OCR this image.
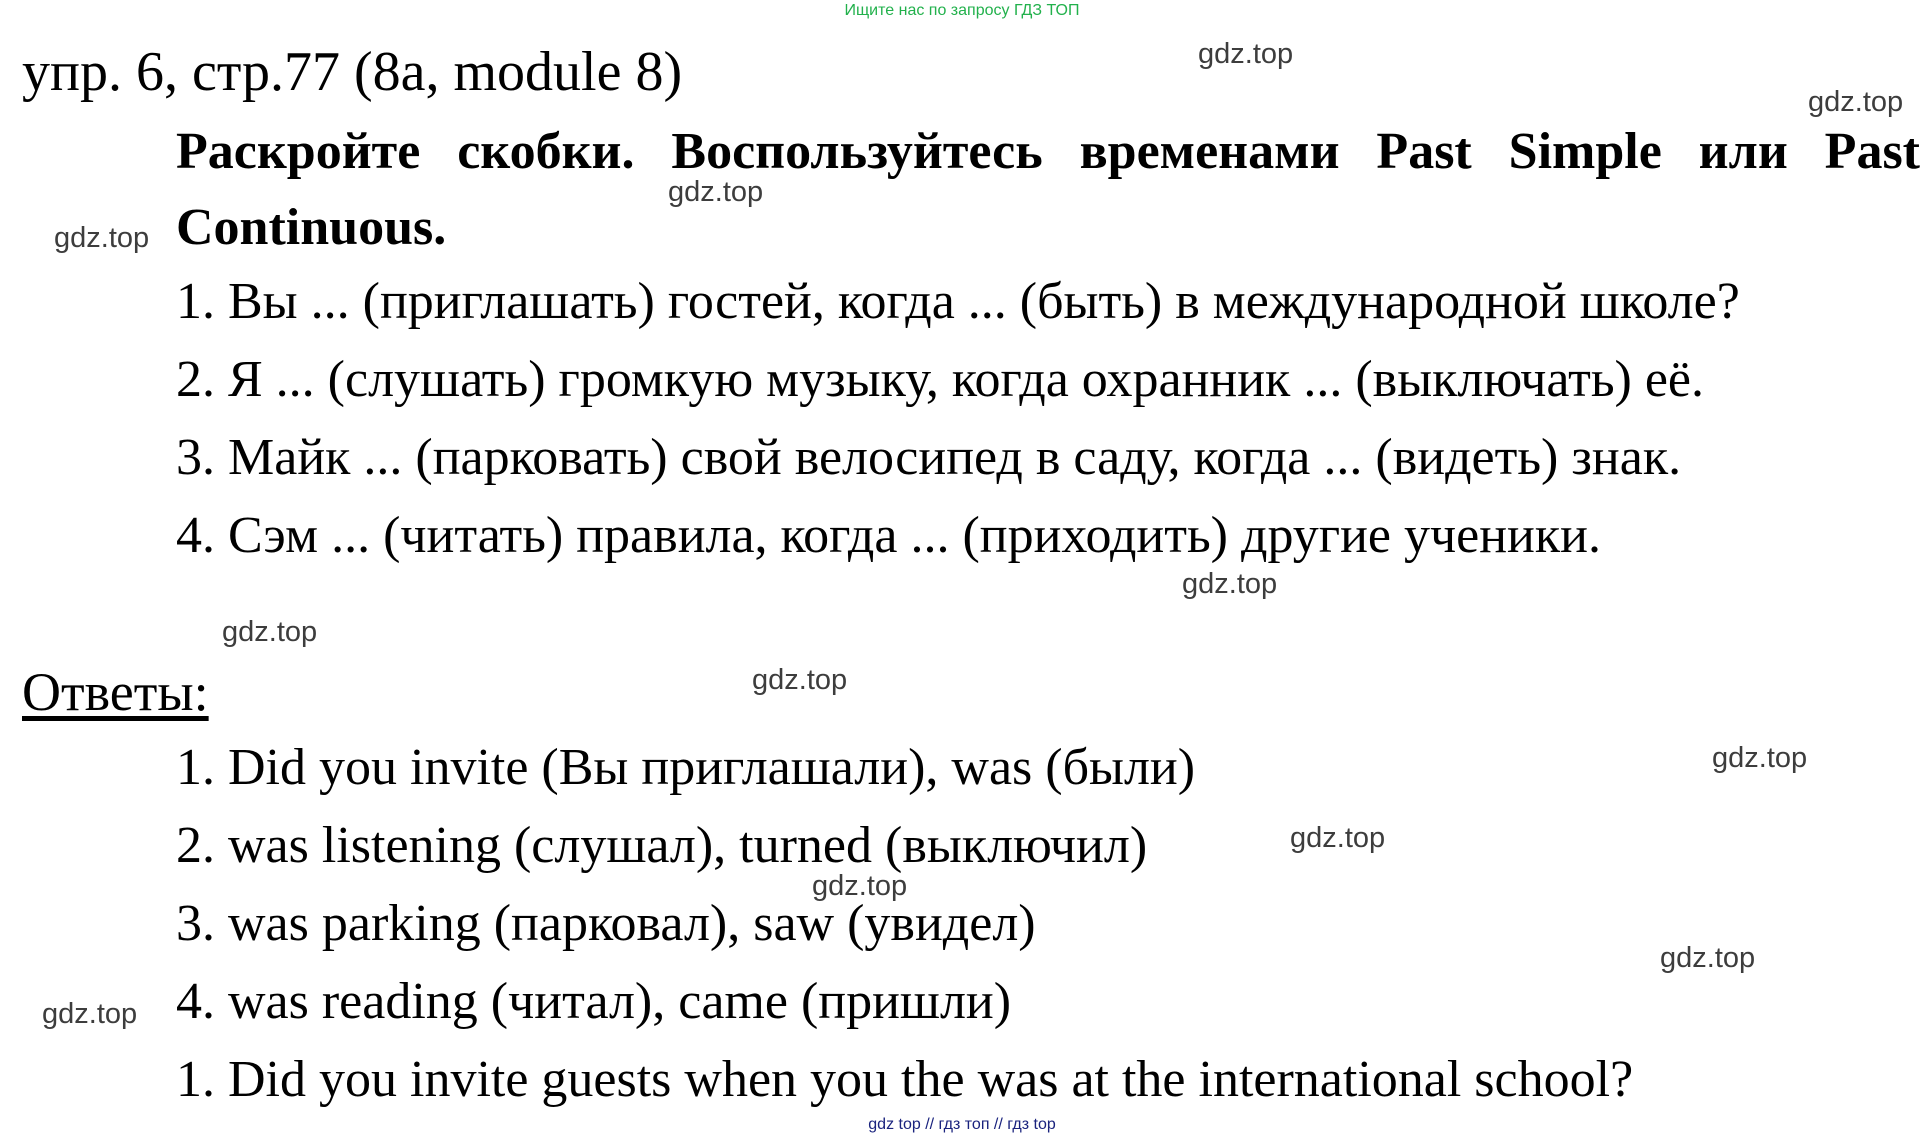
Ищите нас по запросу ГДЗ ТОП
упр. 6, стр.77 (8а, module 8)
Раскройте скобки. Воспользуйтесь временами Past Simple или Past Continuous.
1. Вы ... (приглашать) гостей, когда ... (быть) в международной школе?
2. Я ... (слушать) громкую музыку, когда охранник ... (выключать) её.
3. Майк ... (парковать) свой велосипед в саду, когда ... (видеть) знак.
4. Сэм ... (читать) правила, когда ... (приходить) другие ученики.
Ответы:
1. Did you invite (Вы приглашали), was (были)
2. was listening (слушал), turned (выключил)
3. was parking (парковал), saw (увидел)
4. was reading (читал), came (пришли)
1. Did you invite guests when you the was at the international school?
gdz.top
gdz.top
gdz.top
gdz.top
gdz.top
gdz.top
gdz.top
gdz.top
gdz.top
gdz.top
gdz.top
gdz.top
gdz top // гдз топ // гдз top
